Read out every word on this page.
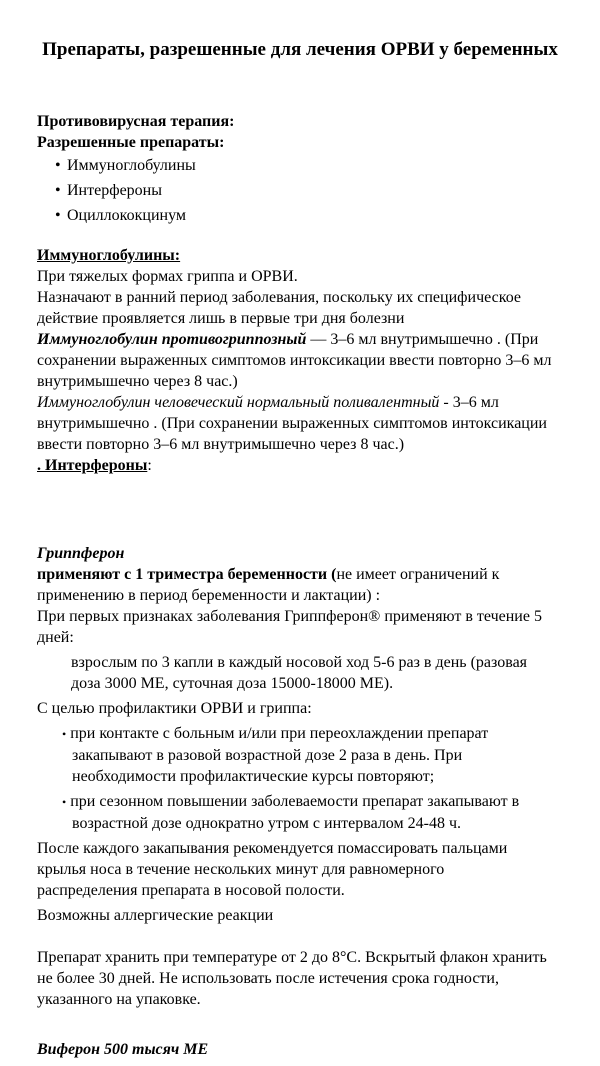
Препараты, разрешенные для лечения ОРВИ у беременных
Противовирусная терапия:
Разрешенные препараты:
• Иммуноглобулины
• Интерфероны
• Оциллококцинум
Иммуноглобулины:

При тяжелых формах гриппа и ОРВИ.

Назначают в ранний период заболевания, поскольку их специфическое действие проявляется лишь в первые три дня болезни

Иммуноглобулин противогриппозный — 3–6 мл внутримышечно . (При сохранении выраженных симптомов интоксикации ввести повторно 3–6 мл внутримышечно через 8 час.)

Иммуноглобулин человеческий нормальный поливалентный - 3–6 мл внутримышечно . (При сохранении выраженных симптомов интоксикации ввести повторно 3–6 мл внутримышечно через 8 час.)

. Интерфероны:

Гриппферон

применяют с 1 триместра беременности (не имеет ограничений к применению в период беременности и лактации) :

При первых признаках заболевания Гриппферон® применяют в течение 5 дней:

взрослым по 3 капли в каждый носовой ход 5-6 раз в день (разовая доза 3000 МЕ, суточная доза 15000-18000 МЕ).

С целью профилактики ОРВИ и гриппа:

• при контакте с больным и/или при переохлаждении препарат закапывают в разовой возрастной дозе 2 раза в день. При необходимости профилактические курсы повторяют;

• при сезонном повышении заболеваемости препарат закапывают в возрастной дозе однократно утром с интервалом 24-48 ч.

После каждого закапывания рекомендуется помассировать пальцами крылья носа в течение нескольких минут для равномерного распределения препарата в носовой полости.

Возможны аллергические реакции

Препарат хранить при температуре от 2 до 8°С. Вскрытый флакон хранить не более 30 дней. Не использовать после истечения срока годности, указанного на упаковке.

Виферон 500 тысяч МЕ
